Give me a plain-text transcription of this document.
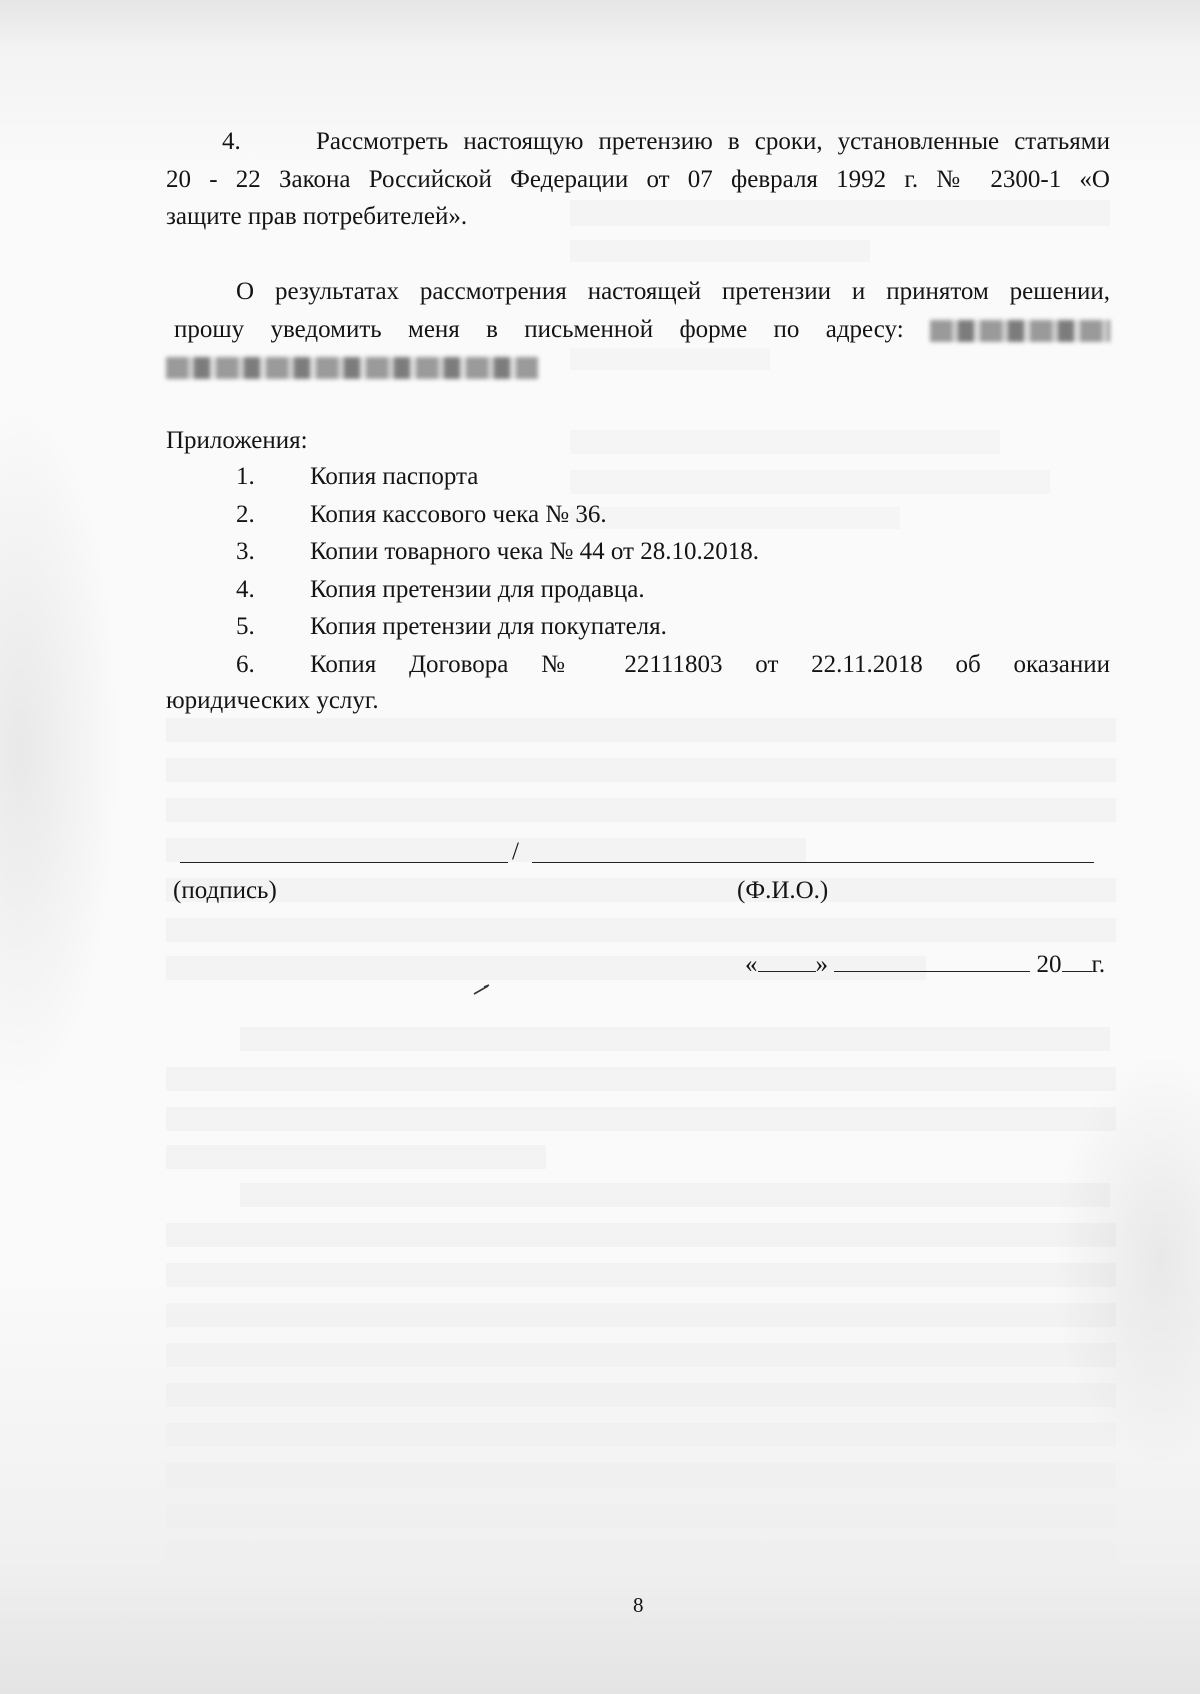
4.	Рассмотреть настоящую претензию в сроки, установленные статьями
20 - 22 Закона Российской Федерации от 07 февраля 1992 г. № 2300-1 «О
защите прав потребителей».
О результатах рассмотрения настоящей претензии и принятом решении,
прошу уведомить меня в письменной форме по адресу:
Приложения:
1. Копия паспорта
2. Копия кассового чека № 36.
3. Копии товарного чека № 44 от 28.10.2018.
4. Копия претензии для продавца.
5. Копия претензии для покупателя.
6. Копия Договора № 22111803 от 22.11.2018 об оказании
юридических услуг.
/
(подпись)	(Ф.И.О.)
« »	20 г.
8
